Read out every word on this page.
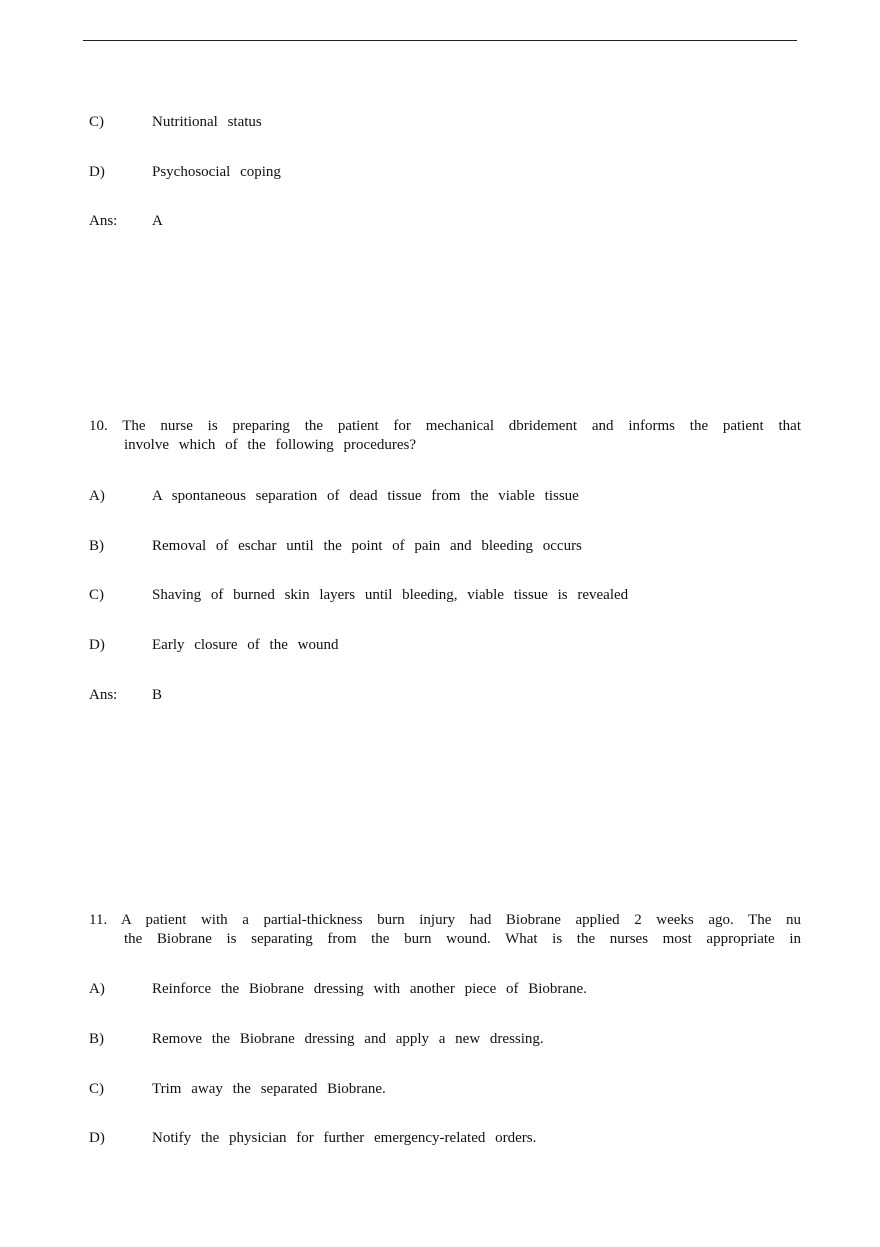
C)	Nutritional status
D)	Psychosocial coping
Ans: A
10. The nurse is preparing the patient for mechanical dbridement and informs the patient that
involve which of the following procedures?
A)	A spontaneous separation of dead tissue from the viable tissue
B)	Removal of eschar until the point of pain and bleeding occurs
C)	Shaving of burned skin layers until bleeding, viable tissue is revealed
D)	Early closure of the wound
Ans: B
11. A patient with a partial-thickness burn injury had Biobrane applied 2 weeks ago. The nu
the Biobrane is separating from the burn wound. What is the nurses most appropriate in
A)	Reinforce the Biobrane dressing with another piece of Biobrane.
B)	Remove the Biobrane dressing and apply a new dressing.
C)	Trim away the separated Biobrane.
D)	Notify the physician for further emergency-related orders.
